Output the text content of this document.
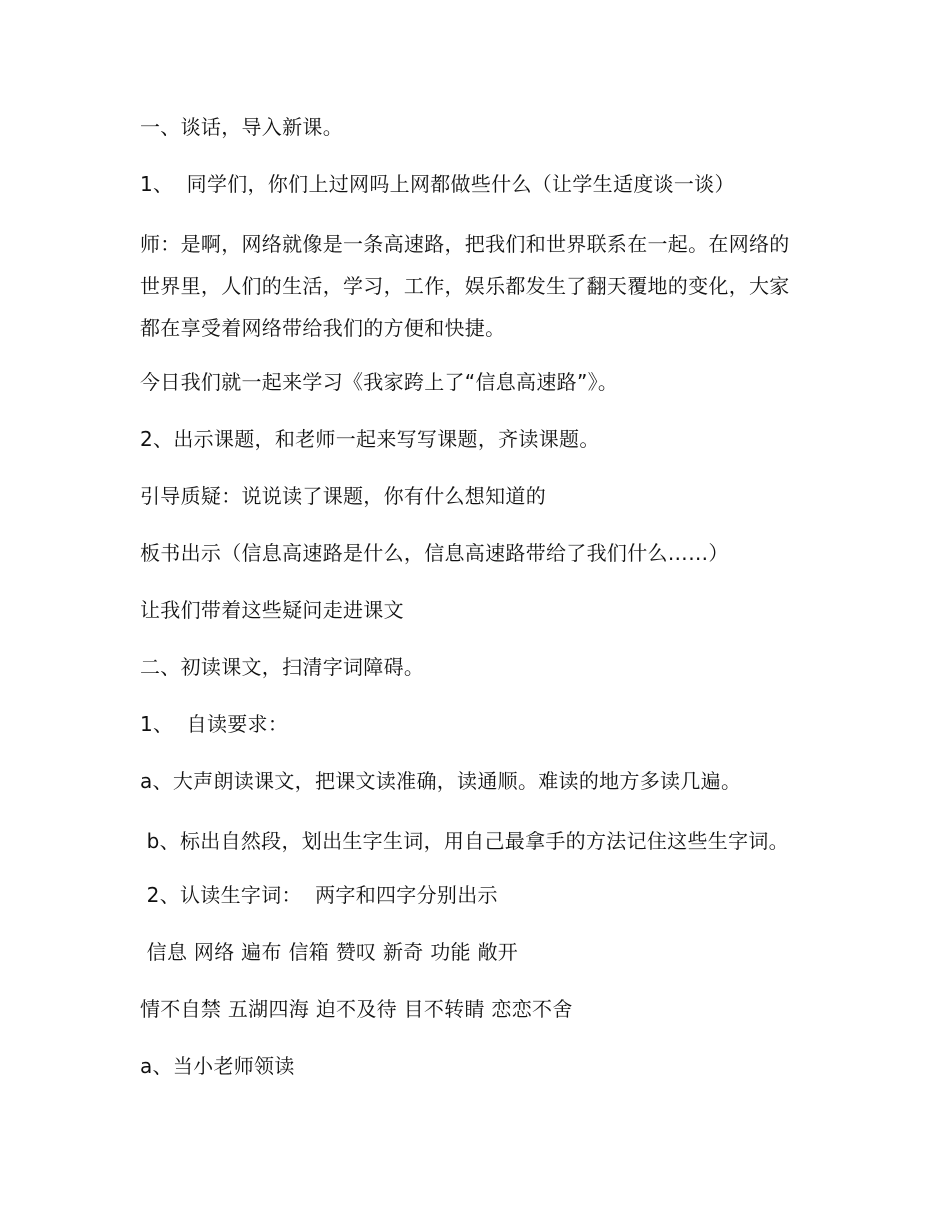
一、谈话，导入新课。

1、  同学们，你们上过网吗上网都做些什么（让学生适度谈一谈）

师：是啊，网络就像是一条高速路，把我们和世界联系在一起。在网络的世界里，人们的生活，学习，工作，娱乐都发生了翻天覆地的变化，大家都在享受着网络带给我们的方便和快捷。

今日我们就一起来学习《我家跨上了“信息高速路”》。

2、出示课题，和老师一起来写写课题，齐读课题。

引导质疑：说说读了课题，你有什么想知道的

板书出示（信息高速路是什么，信息高速路带给了我们什么……）

让我们带着这些疑问走进课文

二、初读课文，扫清字词障碍。

1、  自读要求：

a、大声朗读课文，把课文读准确，读通顺。难读的地方多读几遍。

b、标出自然段，划出生字生词，用自己最拿手的方法记住这些生字词。

2、认读生字词：  两字和四字分别出示

信息 网络 遍布 信箱 赞叹 新奇 功能 敞开

情不自禁 五湖四海 迫不及待 目不转睛 恋恋不舍

a、当小老师领读
